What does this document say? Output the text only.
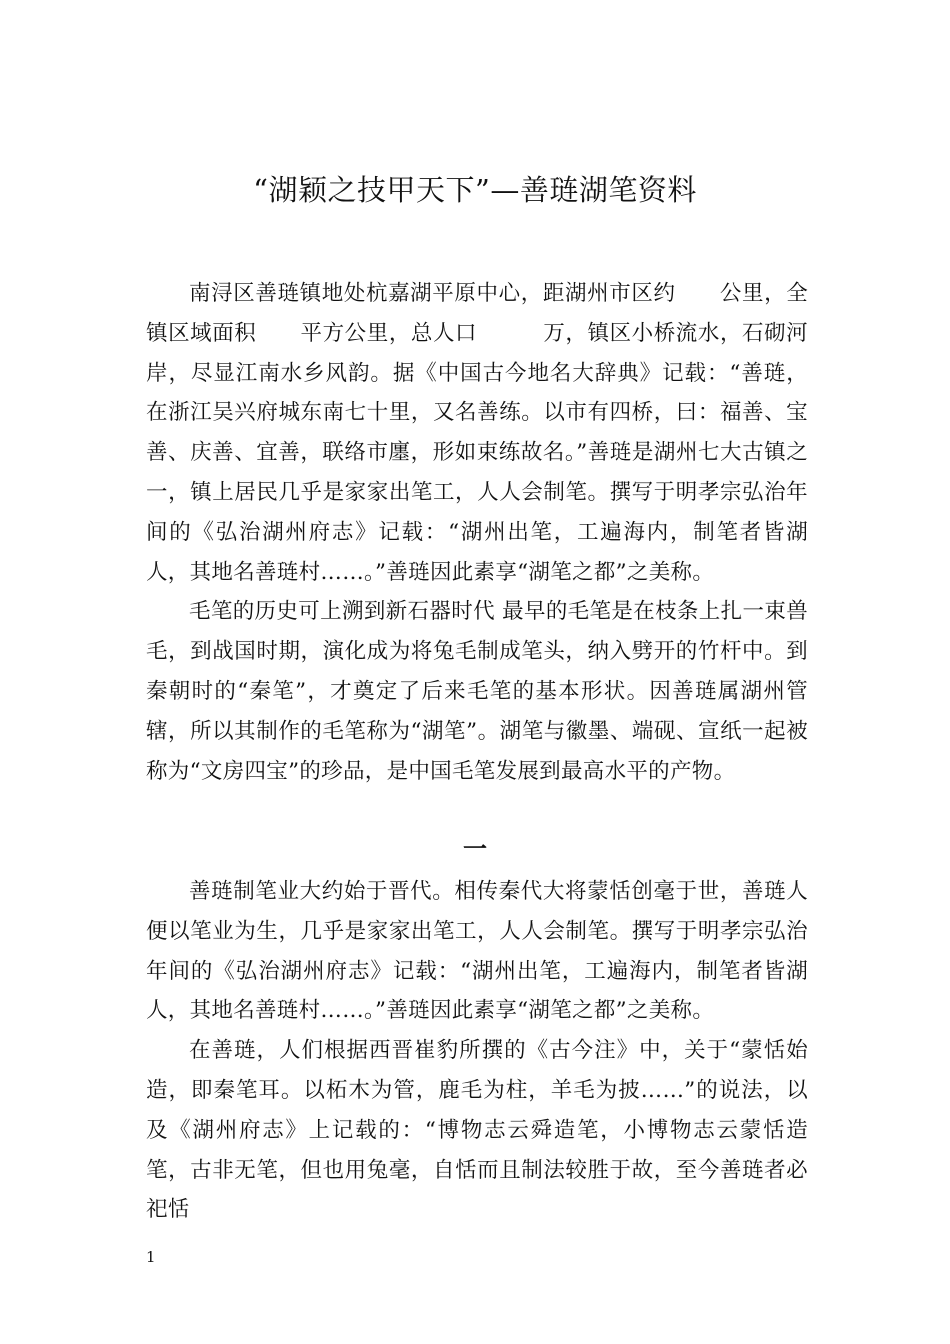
“湖颖之技甲天下”—善琏湖笔资料

南浔区善琏镇地处杭嘉湖平原中心，距湖州市区约　　公里，全镇区域面积　　平方公里，总人口　　　万，镇区小桥流水，石砌河岸，尽显江南水乡风韵。据《中国古今地名大辞典》记载：“善琏，在浙江吴兴府城东南七十里，又名善练。以市有四桥，曰：福善、宝善、庆善、宜善，联络市廛，形如束练故名。”善琏是湖州七大古镇之一，镇上居民几乎是家家出笔工，人人会制笔。撰写于明孝宗弘治年间的《弘治湖州府志》记载：“湖州出笔，工遍海内，制笔者皆湖人，其地名善琏村……。”善琏因此素享“湖笔之都”之美称。

毛笔的历史可上溯到新石器时代 最早的毛笔是在枝条上扎一束兽毛，到战国时期，演化成为将兔毛制成笔头，纳入劈开的竹杆中。到秦朝时的“秦笔”，才奠定了后来毛笔的基本形状。因善琏属湖州管辖，所以其制作的毛笔称为“湖笔”。湖笔与徽墨、端砚、宣纸一起被称为“文房四宝”的珍品，是中国毛笔发展到最高水平的产物。

一

善琏制笔业大约始于晋代。相传秦代大将蒙恬创毫于世，善琏人便以笔业为生，几乎是家家出笔工，人人会制笔。撰写于明孝宗弘治年间的《弘治湖州府志》记载：“湖州出笔，工遍海内，制笔者皆湖人，其地名善琏村……。”善琏因此素享“湖笔之都”之美称。

在善琏，人们根据西晋崔豹所撰的《古今注》中，关于“蒙恬始造，即秦笔耳。以柘木为管，鹿毛为柱，羊毛为披……”的说法，以及《湖州府志》上记载的：“博物志云舜造笔，小博物志云蒙恬造笔，古非无笔，但也用兔毫，自恬而且制法较胜于故，至今善琏者必祀恬

1
